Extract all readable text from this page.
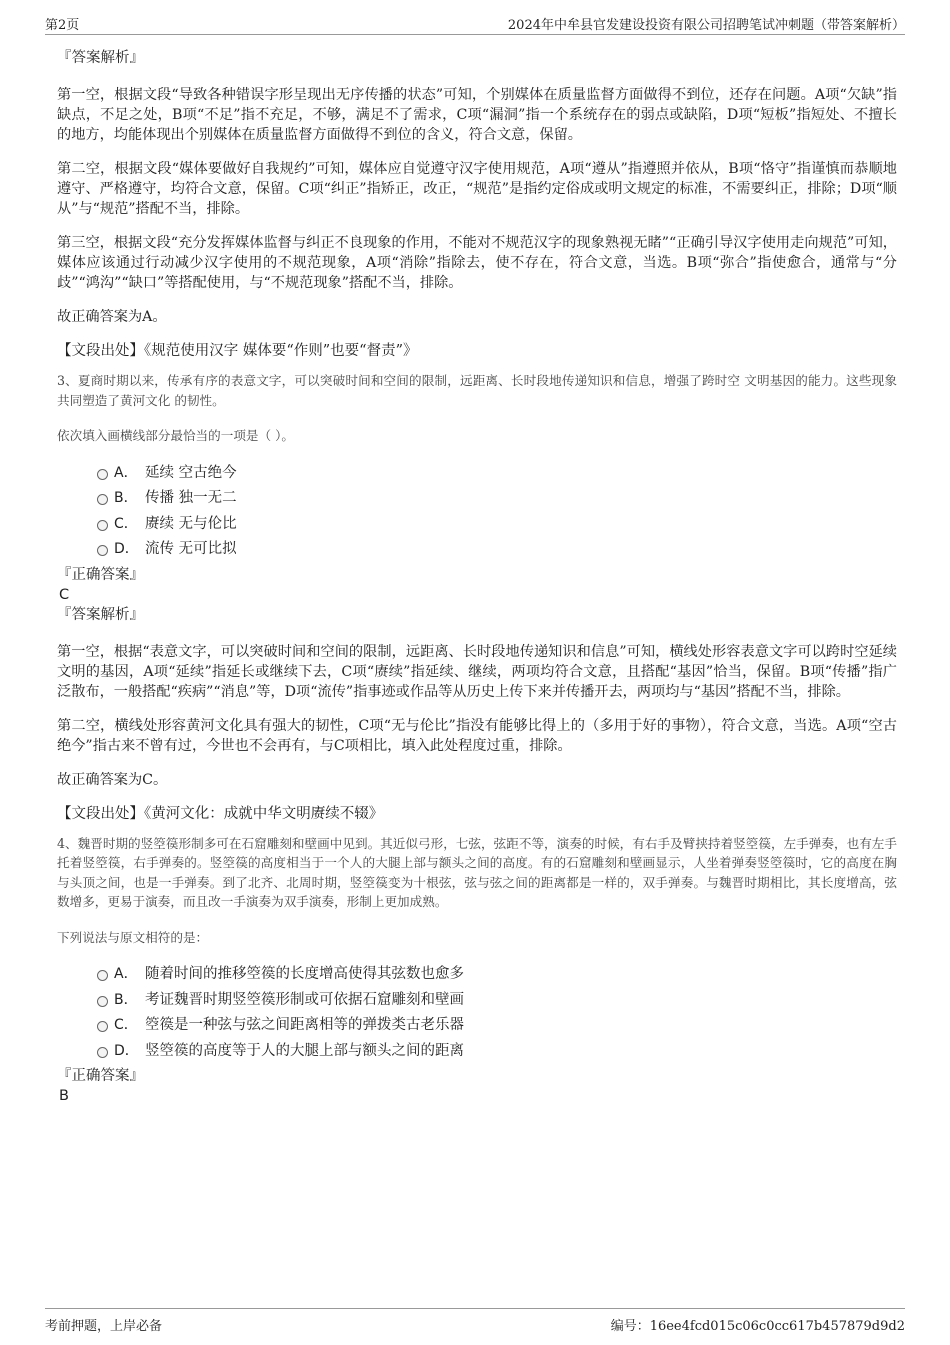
第2页	2024年中牟县官发建设投资有限公司招聘笔试冲刺题（带答案解析）

『答案解析』

第一空，根据文段“导致各种错误字形呈现出无序传播的状态”可知，个别媒体在质量监督方面做得不到位，还存在问题。A项“欠缺”指缺点，不足之处，B项“不足”指不充足，不够，满足不了需求，C项“漏洞”指一个系统存在的弱点或缺陷，D项“短板”指短处、不擅长的地方，均能体现出个别媒体在质量监督方面做得不到位的含义，符合文意，保留。

第二空，根据文段“媒体要做好自我规约”可知，媒体应自觉遵守汉字使用规范，A项“遵从”指遵照并依从，B项“恪守”指谨慎而恭顺地遵守、严格遵守，均符合文意，保留。C项“纠正”指矫正，改正，“规范”是指约定俗成或明文规定的标准，不需要纠正，排除；D项“顺从”与“规范”搭配不当，排除。

第三空，根据文段“充分发挥媒体监督与纠正不良现象的作用，不能对不规范汉字的现象熟视无睹”“正确引导汉字使用走向规范”可知，媒体应该通过行动减少汉字使用的不规范现象，A项“消除”指除去，使不存在，符合文意，当选。B项“弥合”指使愈合，通常与“分歧”“鸿沟”“缺口”等搭配使用，与“不规范现象”搭配不当，排除。

故正确答案为A。

【文段出处】《规范使用汉字 媒体要“作则”也要“督责”》

3、夏商时期以来，传承有序的表意文字，可以突破时间和空间的限制，远距离、长时段地传递知识和信息，增强了跨时空 文明基因的能力。这些现象共同塑造了黄河文化 的韧性。

依次填入画横线部分最恰当的一项是（ ）。

A． 延续 空古绝今
B． 传播 独一无二
C． 赓续 无与伦比
D． 流传 无可比拟

『正确答案』

C

『答案解析』

第一空，根据“表意文字，可以突破时间和空间的限制，远距离、长时段地传递知识和信息”可知，横线处形容表意文字可以跨时空延续文明的基因，A项“延续”指延长或继续下去，C项“赓续”指延续、继续，两项均符合文意，且搭配“基因”恰当，保留。B项“传播”指广泛散布，一般搭配“疾病”“消息”等，D项“流传”指事迹或作品等从历史上传下来并传播开去，两项均与“基因”搭配不当，排除。

第二空，横线处形容黄河文化具有强大的韧性，C项“无与伦比”指没有能够比得上的（多用于好的事物），符合文意，当选。A项“空古绝今”指古来不曾有过，今世也不会再有，与C项相比，填入此处程度过重，排除。

故正确答案为C。

【文段出处】《黄河文化：成就中华文明赓续不辍》

4、魏晋时期的竖箜篌形制多可在石窟雕刻和壁画中见到。其近似弓形，七弦，弦距不等，演奏的时候，有右手及臂挟持着竖箜篌，左手弹奏，也有左手托着竖箜篌，右手弹奏的。竖箜篌的高度相当于一个人的大腿上部与额头之间的高度。有的石窟雕刻和壁画显示，人坐着弹奏竖箜篌时，它的高度在胸与头顶之间，也是一手弹奏。到了北齐、北周时期，竖箜篌变为十根弦，弦与弦之间的距离都是一样的，双手弹奏。与魏晋时期相比，其长度增高，弦数增多，更易于演奏，而且改一手演奏为双手演奏，形制上更加成熟。

下列说法与原文相符的是：

A． 随着时间的推移箜篌的长度增高使得其弦数也愈多
B． 考证魏晋时期竖箜篌形制或可依据石窟雕刻和壁画
C． 箜篌是一种弦与弦之间距离相等的弹拨类古老乐器
D． 竖箜篌的高度等于人的大腿上部与额头之间的距离

『正确答案』

B

考前押题，上岸必备	编号：16ee4fcd015c06c0cc617b457879d9d2
